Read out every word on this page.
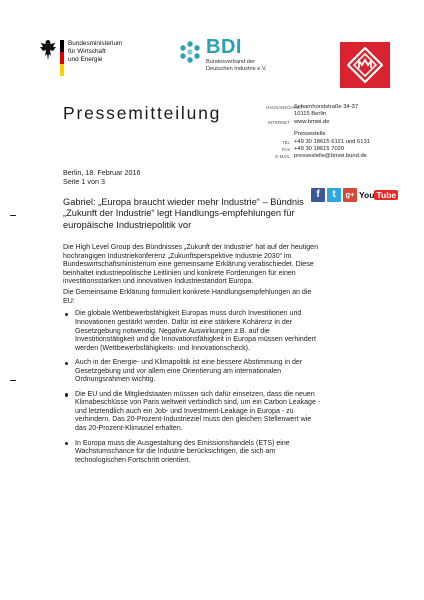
Bundesministerium
für Wirtschaft
und Energie
BDI
Bundesverband der
Deutschen Industrie e.V.
Pressemitteilung	HAUSANSCHRIFT
Scharnhorststraße 34-37
10115 Berlin
INTERNET www.bmwi.de
Pressestelle
TEL +49 30 18615 6121 und 6131
FAX +49 30 18615 7020
E-MAIL pressestelle@bmwi.bund.de
Berlin, 18. Februar 2016
Seite 1 von 3
f	t	g+ You Tube
Gabriel: „Europa braucht wieder mehr Industrie“ – Bündnis „Zukunft der Industrie“ legt Handlungs-empfehlungen für europäische Industriepolitik vor

Die High Level Group des Bündnisses „Zukunft der Industrie“ hat auf der heutigen hochrangigen Industriekonferenz „Zukunftsperspektive Industrie 2030“ im Bundeswirtschaftsministerium eine gemeinsame Erklärung verabschiedet. Diese beinhaltet industriepolitische Leitlinien und konkrete Forderungen für einen investitionsstarken und innovativen Industriestandort Europa.

Die Gemeinsame Erklärung formuliert konkrete Handlungsempfehlungen an die EU:

Die globale Wettbewerbsfähigkeit Europas muss durch Investitionen und Innovationen gestärkt werden. Dafür ist eine stärkere Kohärenz in der Gesetzgebung notwendig. Negative Auswirkungen z.B. auf die Investitionstätigkeit und die Innovationsfähigkeit in Europa müssen verhindert werden (Wettbewerbsfähigkeits- und Innovationscheck).
Auch in der Energie- und Klimapolitik ist eine bessere Abstimmung in der Gesetzgebung und vor allem eine Orientierung am internationalen Ordnungsrahmen wichtig.
Die EU und die Mitgliedstaaten müssen sich dafür einsetzen, dass die neuen Klimabeschlüsse von Paris weltweit verbindlich sind, um ein Carbon Leakage - und letztendlich auch ein Job- und Investment-Leakage in Europa - zu verhindern. Das 20-Prozent-Industrieziel muss den gleichen Stellenwert wie das 20-Prozent-Klimaziel erhalten.
In Europa muss die Ausgestaltung des Emissionshandels (ETS) eine Wachstumschance für die Industrie berücksichtigen, die sich am technologischen Fortschritt orientiert.
